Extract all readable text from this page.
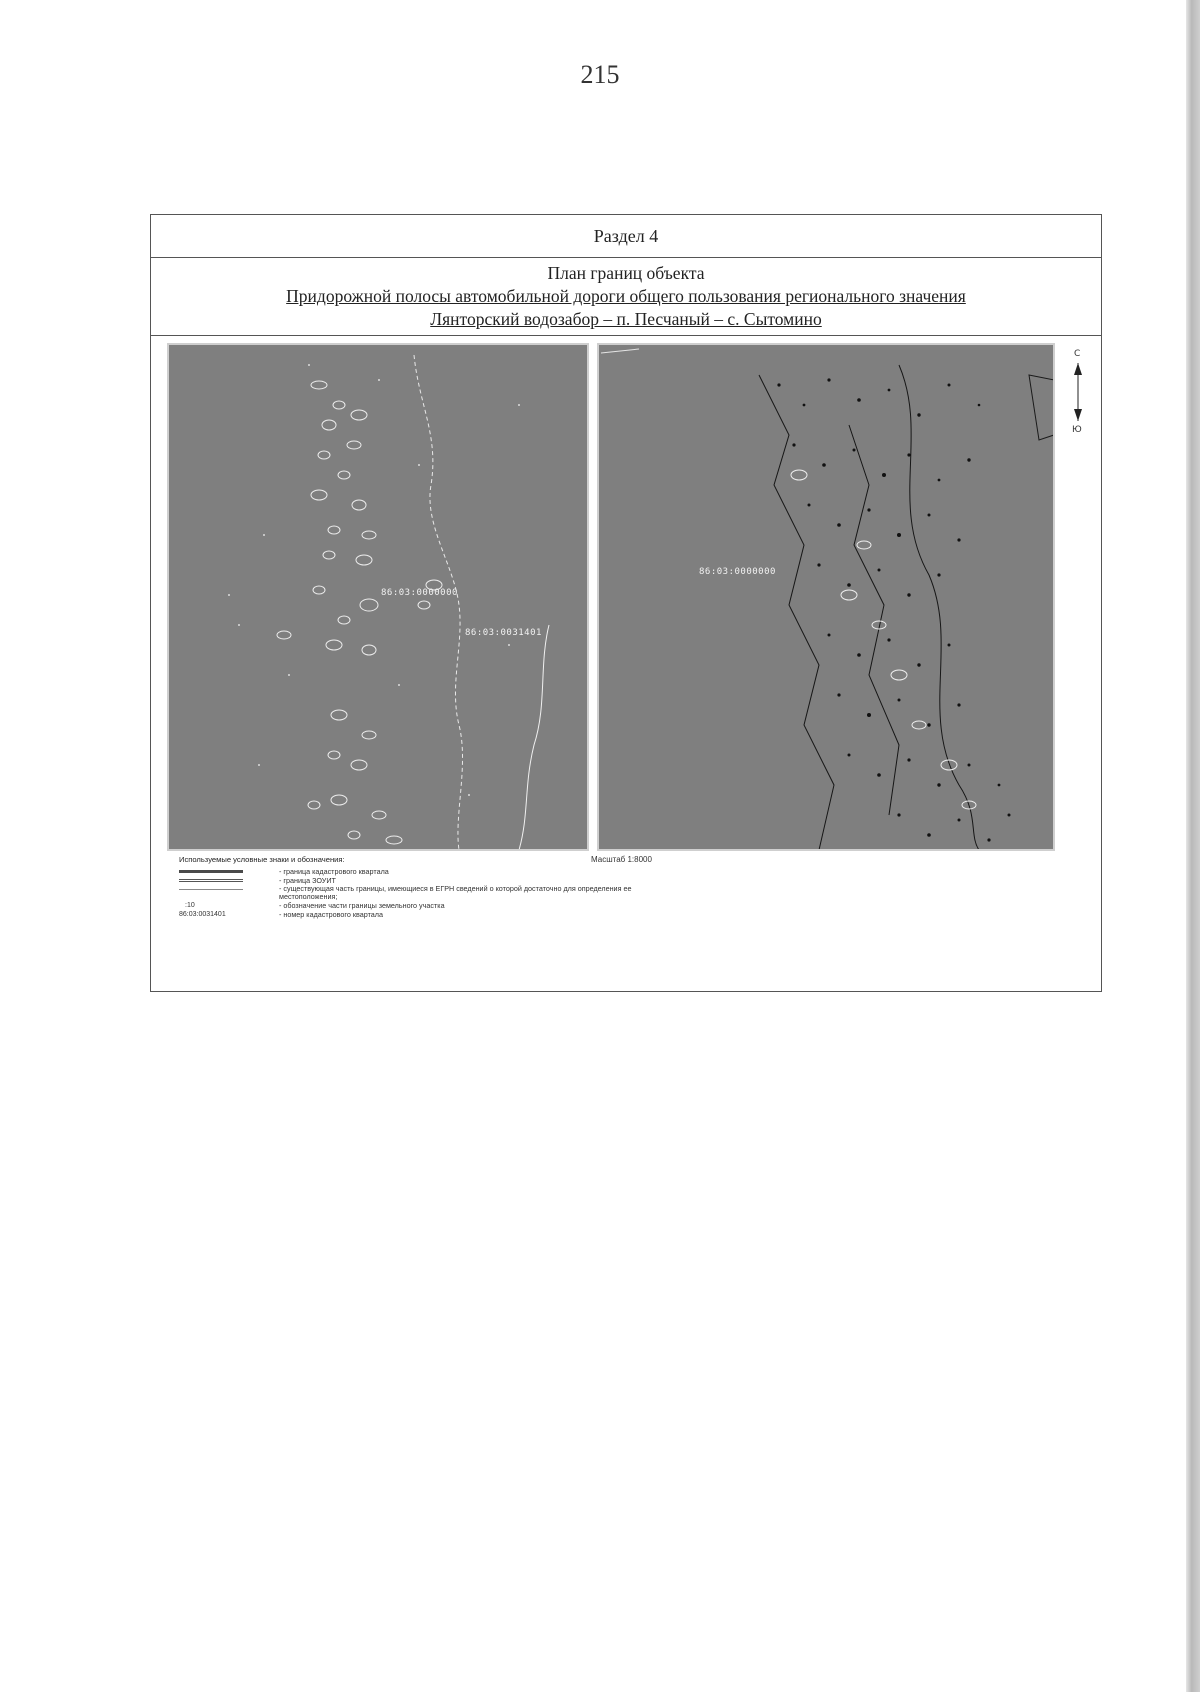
215
Раздел 4
План границ объекта
Придорожной полосы автомобильной дороги общего пользования регионального значения
Лянторский водозабор – п. Песчаный – с. Сытомино
86:03:0000000
86:03:0031401
86:03:0000000
С
Ю
Масштаб 1:8000
Используемые условные знаки и обозначения:
- граница кадастрового квартала
- граница ЗОУИТ
- существующая часть границы, имеющиеся в ЕГРН сведений о которой достаточно для определения ее местоположения;
:10	- обозначение части границы земельного участка
86:03:0031401	- номер кадастрового квартала
